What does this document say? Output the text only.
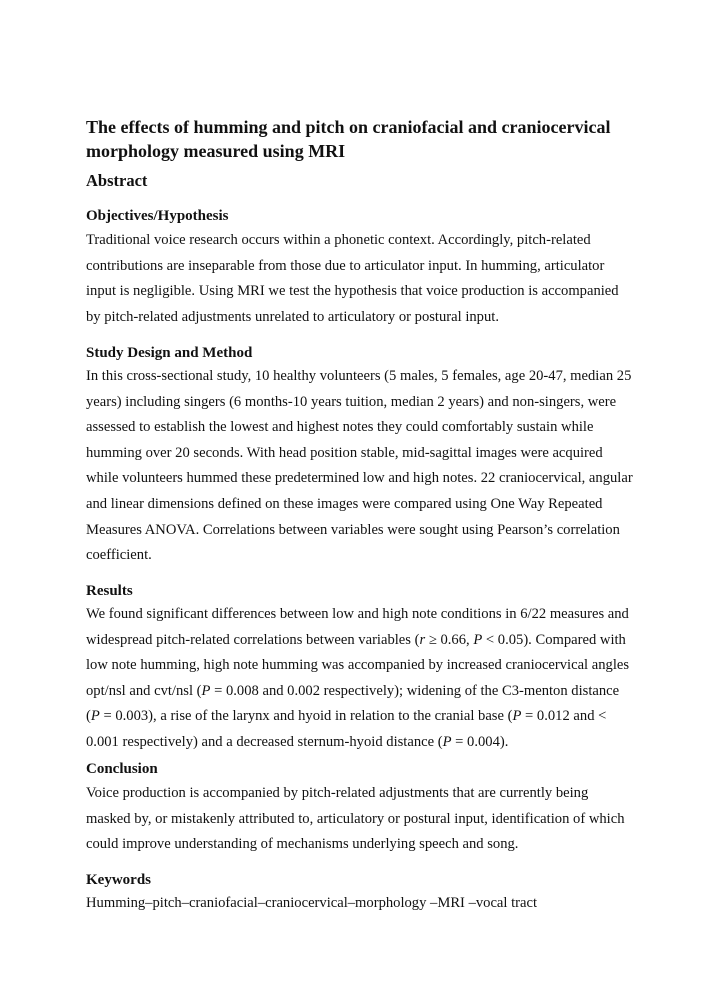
The effects of humming and pitch on craniofacial and craniocervical
morphology measured using MRI
Abstract
Objectives/Hypothesis
Traditional voice research occurs within a phonetic context. Accordingly, pitch-related
contributions are inseparable from those due to articulator input. In humming, articulator
input is negligible. Using MRI we test the hypothesis that voice production is accompanied
by pitch-related adjustments unrelated to articulatory or postural input.
Study Design and Method
In this cross-sectional study, 10 healthy volunteers (5 males, 5 females, age 20-47, median 25
years) including singers (6 months-10 years tuition, median 2 years) and non-singers, were
assessed to establish the lowest and highest notes they could comfortably sustain while
humming over 20 seconds. With head position stable, mid-sagittal images were acquired
while volunteers hummed these predetermined low and high notes. 22 craniocervical, angular
and linear dimensions defined on these images were compared using One Way Repeated
Measures ANOVA. Correlations between variables were sought using Pearson’s correlation
coefficient.
Results
We found significant differences between low and high note conditions in 6/22 measures and
widespread pitch-related correlations between variables (r ≥ 0.66, P < 0.05). Compared with
low note humming, high note humming was accompanied by increased craniocervical angles
opt/nsl and cvt/nsl (P = 0.008 and 0.002 respectively); widening of the C3-menton distance
(P = 0.003), a rise of the larynx and hyoid in relation to the cranial base (P = 0.012 and <
0.001 respectively) and a decreased sternum-hyoid distance (P = 0.004).
Conclusion
Voice production is accompanied by pitch-related adjustments that are currently being
masked by, or mistakenly attributed to, articulatory or postural input, identification of which
could improve understanding of mechanisms underlying speech and song.
Keywords
Humming–pitch–craniofacial–craniocervical–morphology –MRI –vocal tract
